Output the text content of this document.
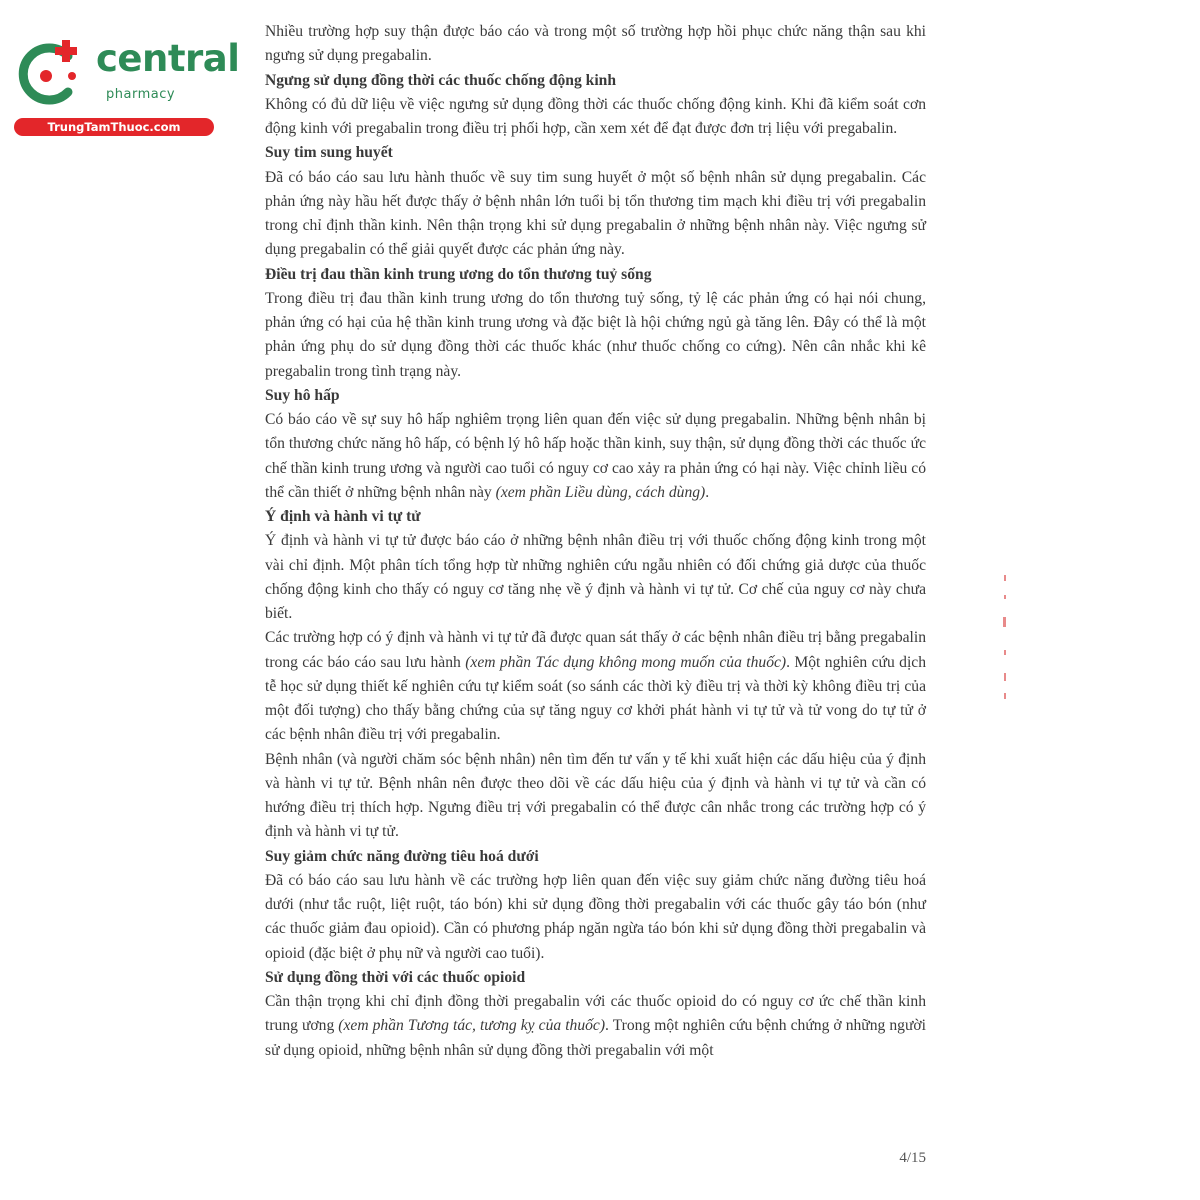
central
pharmacy
TrungTamThuoc.com

Nhiều trường hợp suy thận được báo cáo và trong một số trường hợp hồi phục chức năng thận sau khi ngưng sử dụng pregabalin.

Ngưng sử dụng đồng thời các thuốc chống động kinh

Không có đủ dữ liệu về việc ngưng sử dụng đồng thời các thuốc chống động kinh. Khi đã kiểm soát cơn động kinh với pregabalin trong điều trị phối hợp, cần xem xét để đạt được đơn trị liệu với pregabalin.

Suy tim sung huyết

Đã có báo cáo sau lưu hành thuốc về suy tim sung huyết ở một số bệnh nhân sử dụng pregabalin. Các phản ứng này hầu hết được thấy ở bệnh nhân lớn tuổi bị tổn thương tim mạch khi điều trị với pregabalin trong chỉ định thần kinh. Nên thận trọng khi sử dụng pregabalin ở những bệnh nhân này. Việc ngưng sử dụng pregabalin có thể giải quyết được các phản ứng này.

Điều trị đau thần kinh trung ương do tổn thương tuỷ sống

Trong điều trị đau thần kinh trung ương do tổn thương tuỷ sống, tỷ lệ các phản ứng có hại nói chung, phản ứng có hại của hệ thần kinh trung ương và đặc biệt là hội chứng ngủ gà tăng lên. Đây có thể là một phản ứng phụ do sử dụng đồng thời các thuốc khác (như thuốc chống co cứng). Nên cân nhắc khi kê pregabalin trong tình trạng này.

Suy hô hấp

Có báo cáo về sự suy hô hấp nghiêm trọng liên quan đến việc sử dụng pregabalin. Những bệnh nhân bị tổn thương chức năng hô hấp, có bệnh lý hô hấp hoặc thần kinh, suy thận, sử dụng đồng thời các thuốc ức chế thần kinh trung ương và người cao tuổi có nguy cơ cao xảy ra phản ứng có hại này. Việc chỉnh liều có thể cần thiết ở những bệnh nhân này (xem phần Liều dùng, cách dùng).

Ý định và hành vi tự tử

Ý định và hành vi tự tử được báo cáo ở những bệnh nhân điều trị với thuốc chống động kinh trong một vài chỉ định. Một phân tích tổng hợp từ những nghiên cứu ngẫu nhiên có đối chứng giả dược của thuốc chống động kinh cho thấy có nguy cơ tăng nhẹ về ý định và hành vi tự tử. Cơ chế của nguy cơ này chưa biết.

Các trường hợp có ý định và hành vi tự tử đã được quan sát thấy ở các bệnh nhân điều trị bằng pregabalin trong các báo cáo sau lưu hành (xem phần Tác dụng không mong muốn của thuốc). Một nghiên cứu dịch tễ học sử dụng thiết kế nghiên cứu tự kiểm soát (so sánh các thời kỳ điều trị và thời kỳ không điều trị của một đối tượng) cho thấy bằng chứng của sự tăng nguy cơ khởi phát hành vi tự tử và tử vong do tự tử ở các bệnh nhân điều trị với pregabalin.

Bệnh nhân (và người chăm sóc bệnh nhân) nên tìm đến tư vấn y tế khi xuất hiện các dấu hiệu của ý định và hành vi tự tử. Bệnh nhân nên được theo dõi về các dấu hiệu của ý định và hành vi tự tử và cần có hướng điều trị thích hợp. Ngưng điều trị với pregabalin có thể được cân nhắc trong các trường hợp có ý định và hành vi tự tử.

Suy giảm chức năng đường tiêu hoá dưới

Đã có báo cáo sau lưu hành về các trường hợp liên quan đến việc suy giảm chức năng đường tiêu hoá dưới (như tắc ruột, liệt ruột, táo bón) khi sử dụng đồng thời pregabalin với các thuốc gây táo bón (như các thuốc giảm đau opioid). Cần có phương pháp ngăn ngừa táo bón khi sử dụng đồng thời pregabalin và opioid (đặc biệt ở phụ nữ và người cao tuổi).

Sử dụng đồng thời với các thuốc opioid

Cần thận trọng khi chỉ định đồng thời pregabalin với các thuốc opioid do có nguy cơ ức chế thần kinh trung ương (xem phần Tương tác, tương kỵ của thuốc). Trong một nghiên cứu bệnh chứng ở những người sử dụng opioid, những bệnh nhân sử dụng đồng thời pregabalin với một

4/15
